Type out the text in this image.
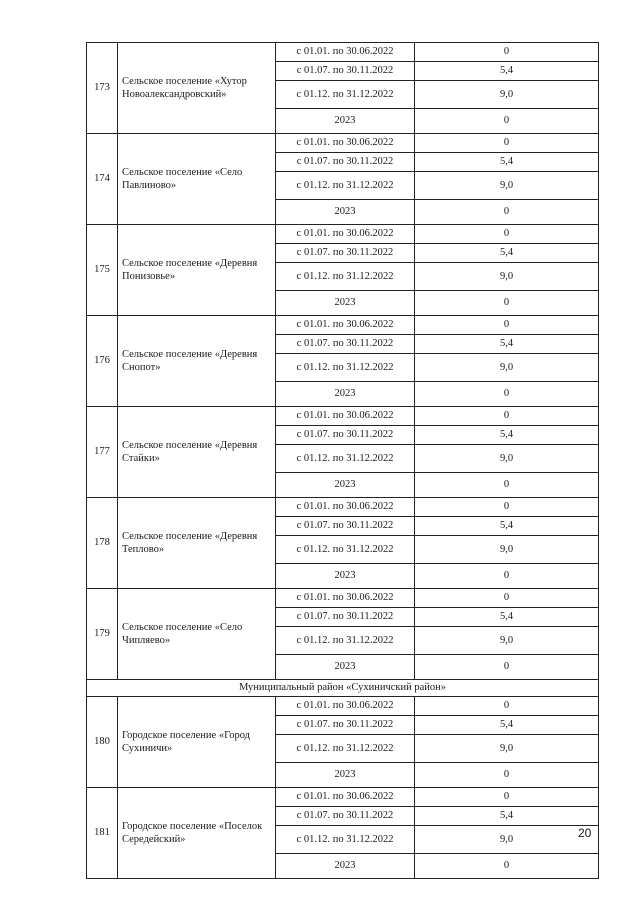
173	Сельское поселение «Хутор Новоалександровский»	с 01.01. по 30.06.2022	0
		с 01.07. по 30.11.2022	5,4
		с 01.12. по 31.12.2022	9,0
		2023	0
174	Сельское поселение «Село Павлиново»	с 01.01. по 30.06.2022	0
		с 01.07. по 30.11.2022	5,4
		с 01.12. по 31.12.2022	9,0
		2023	0
175	Сельское поселение «Деревня Понизовье»	с 01.01. по 30.06.2022	0
		с 01.07. по 30.11.2022	5,4
		с 01.12. по 31.12.2022	9,0
		2023	0
176	Сельское поселение «Деревня Снопот»	с 01.01. по 30.06.2022	0
		с 01.07. по 30.11.2022	5,4
		с 01.12. по 31.12.2022	9,0
		2023	0
177	Сельское поселение «Деревня Стайки»	с 01.01. по 30.06.2022	0
		с 01.07. по 30.11.2022	5,4
		с 01.12. по 31.12.2022	9,0
		2023	0
178	Сельское поселение «Деревня Теплово»	с 01.01. по 30.06.2022	0
		с 01.07. по 30.11.2022	5,4
		с 01.12. по 31.12.2022	9,0
		2023	0
179	Сельское поселение «Село Чипляево»	с 01.01. по 30.06.2022	0
		с 01.07. по 30.11.2022	5,4
		с 01.12. по 31.12.2022	9,0
		2023	0
Муниципальный район «Сухиничский район»			
180	Городское поселение «Город Сухиничи»	с 01.01. по 30.06.2022	0
		с 01.07. по 30.11.2022	5,4
		с 01.12. по 31.12.2022	9,0
		2023	0
181	Городское поселение «Поселок Середейский»	с 01.01. по 30.06.2022	0
		с 01.07. по 30.11.2022	5,4
		с 01.12. по 31.12.2022	9,0
		2023	0
20
